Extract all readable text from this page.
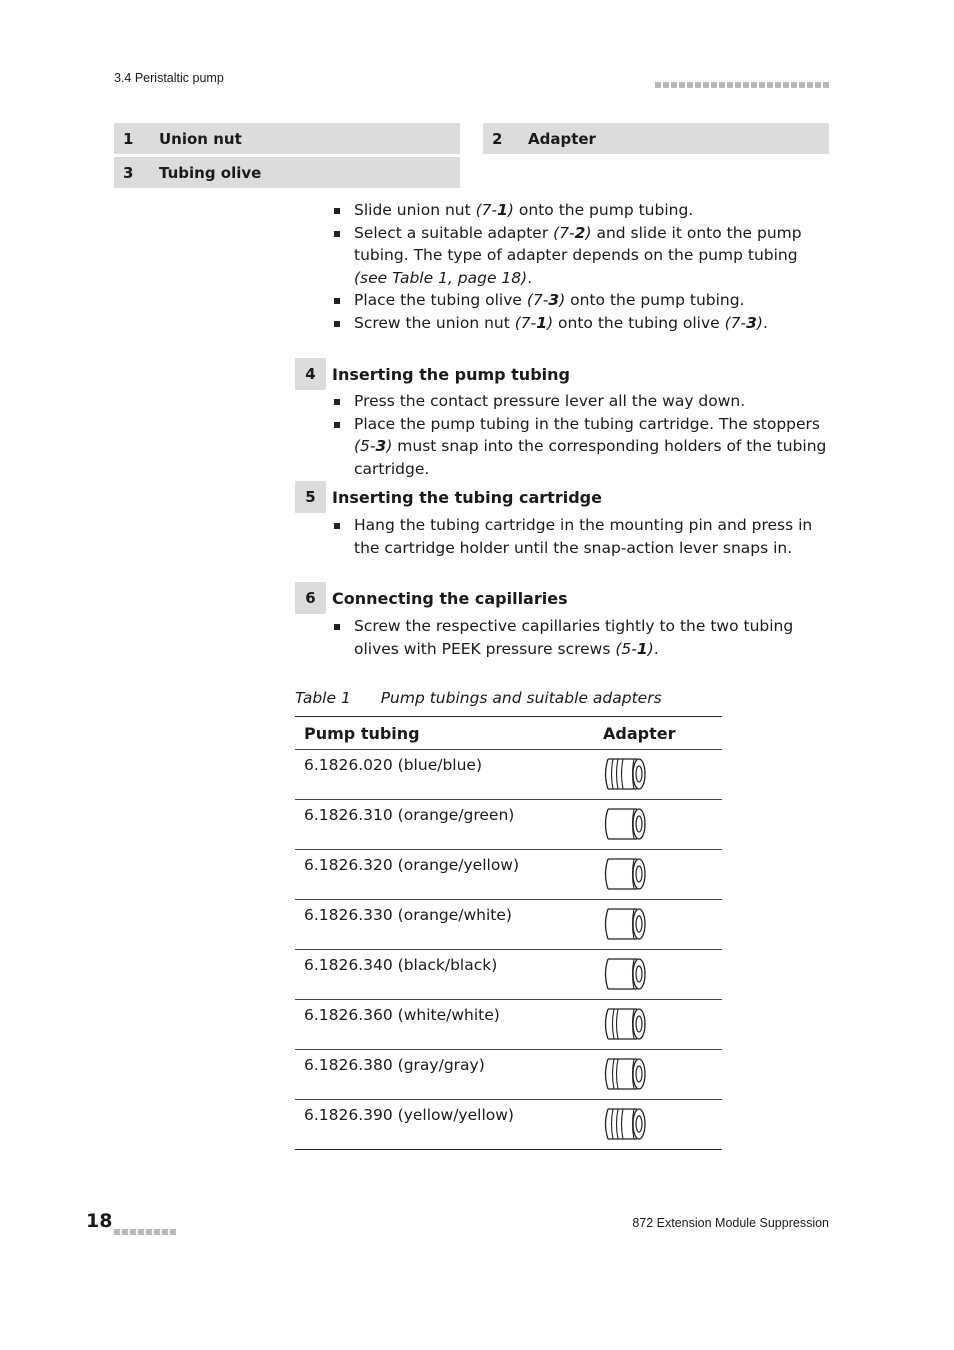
3.4 Peristaltic pump
1	Union nut	2	Adapter
3	Tubing olive
Slide union nut (7-1) onto the pump tubing.
Select a suitable adapter (7-2) and slide it onto the pump tubing. The type of adapter depends on the pump tubing (see Table 1, page 18).
Place the tubing olive (7-3) onto the pump tubing.
Screw the union nut (7-1) onto the tubing olive (7-3).
4	Inserting the pump tubing
Press the contact pressure lever all the way down.
Place the pump tubing in the tubing cartridge. The stoppers (5-3) must snap into the corresponding holders of the tubing cartridge.
5	Inserting the tubing cartridge
Hang the tubing cartridge in the mounting pin and press in the cartridge holder until the snap-action lever snaps in.
6	Connecting the capillaries
Screw the respective capillaries tightly to the two tubing olives with PEEK pressure screws (5-1).
Table 1 Pump tubings and suitable adapters
Pump tubing	Adapter
6.1826.020 (blue/blue)	
6.1826.310 (orange/green)	
6.1826.320 (orange/yellow)	
6.1826.330 (orange/white)	
6.1826.340 (black/black)	
6.1826.360 (white/white)	
6.1826.380 (gray/gray)	
6.1826.390 (yellow/yellow)	
18	872 Extension Module Suppression
